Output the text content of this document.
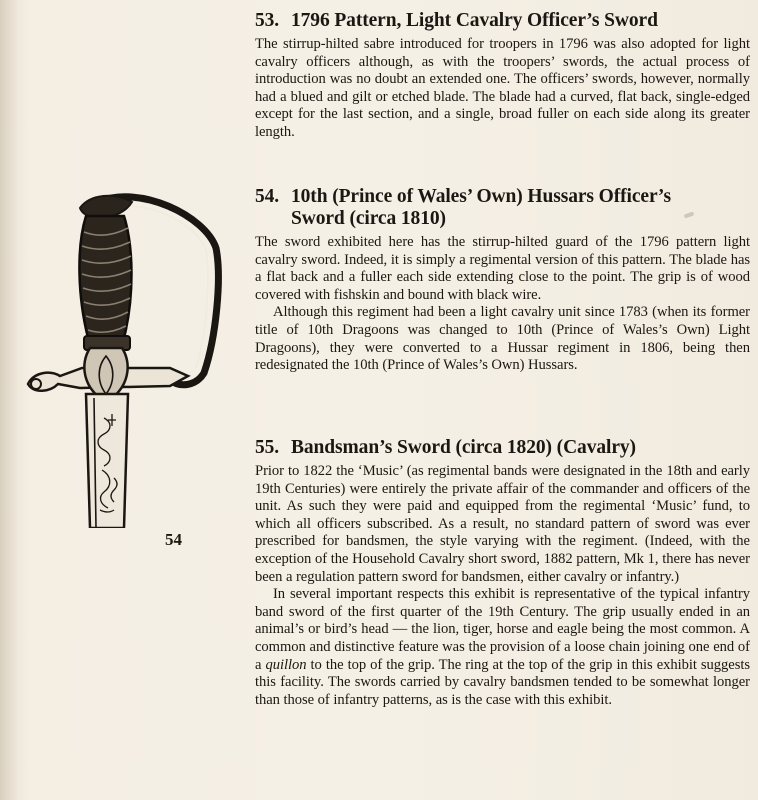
54
53. 1796 Pattern, Light Cavalry Officer’s Sword

The stirrup-hilted sabre introduced for troopers in 1796 was also adopted for light cavalry officers although, as with the troopers’ swords, the actual process of introduction was no doubt an extended one. The officers’ swords, however, normally had a blued and gilt or etched blade. The blade had a curved, flat back, single-edged except for the last section, and a single, broad fuller on each side along its greater length.

54. 10th (Prince of Wales’ Own) Hussars Officer’s
Sword (circa 1810)

The sword exhibited here has the stirrup-hilted guard of the 1796 pattern light cavalry sword. Indeed, it is simply a regimental version of this pattern. The blade has a flat back and a fuller each side extending close to the point. The grip is of wood covered with fishskin and bound with black wire.

Although this regiment had been a light cavalry unit since 1783 (when its former title of 10th Dragoons was changed to 10th (Prince of Wales’s Own) Light Dragoons), they were converted to a Hussar regiment in 1806, being then redesignated the 10th (Prince of Wales’s Own) Hussars.

55. Bandsman’s Sword (circa 1820) (Cavalry)

Prior to 1822 the ‘Music’ (as regimental bands were designated in the 18th and early 19th Centuries) were entirely the private affair of the commander and officers of the unit. As such they were paid and equipped from the regimental ‘Music’ fund, to which all officers subscribed. As a result, no standard pattern of sword was ever prescribed for bandsmen, the style varying with the regiment. (Indeed, with the exception of the Household Cavalry short sword, 1882 pattern, Mk 1, there has never been a regulation pattern sword for bandsmen, either cavalry or infantry.)

In several important respects this exhibit is representative of the typical infantry band sword of the first quarter of the 19th Century. The grip usually ended in an animal’s or bird’s head — the lion, tiger, horse and eagle being the most common. A common and distinctive feature was the provision of a loose chain joining one end of a quillon to the top of the grip. The ring at the top of the grip in this exhibit suggests this facility. The swords carried by cavalry bandsmen tended to be somewhat longer than those of infantry patterns, as is the case with this exhibit.
